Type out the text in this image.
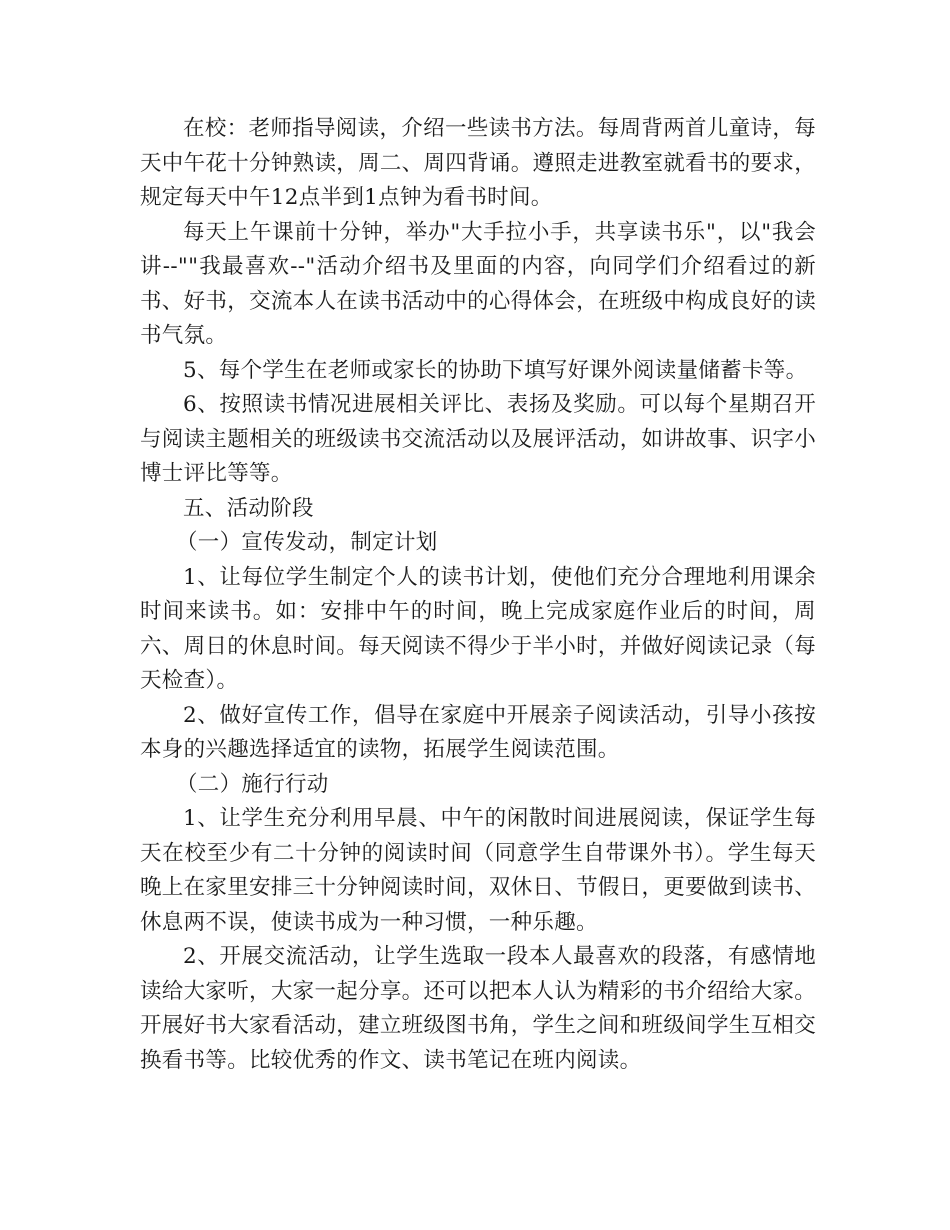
在校：老师指导阅读，介绍一些读书方法。每周背两首儿童诗，每天中午花十分钟熟读，周二、周四背诵。遵照走进教室就看书的要求，规定每天中午12点半到1点钟为看书时间。

每天上午课前十分钟，举办"大手拉小手，共享读书乐"，以"我会讲--""我最喜欢--"活动介绍书及里面的内容，向同学们介绍看过的新书、好书，交流本人在读书活动中的心得体会，在班级中构成良好的读书气氛。

5、每个学生在老师或家长的协助下填写好课外阅读量储蓄卡等。

6、按照读书情况进展相关评比、表扬及奖励。可以每个星期召开与阅读主题相关的班级读书交流活动以及展评活动，如讲故事、识字小博士评比等等。

五、活动阶段

（一）宣传发动，制定计划

1、让每位学生制定个人的读书计划，使他们充分合理地利用课余时间来读书。如：安排中午的时间，晚上完成家庭作业后的时间，周六、周日的休息时间。每天阅读不得少于半小时，并做好阅读记录（每天检查）。

2、做好宣传工作，倡导在家庭中开展亲子阅读活动，引导小孩按本身的兴趣选择适宜的读物，拓展学生阅读范围。

（二）施行行动

1、让学生充分利用早晨、中午的闲散时间进展阅读，保证学生每天在校至少有二十分钟的阅读时间（同意学生自带课外书）。学生每天晚上在家里安排三十分钟阅读时间，双休日、节假日，更要做到读书、休息两不误，使读书成为一种习惯，一种乐趣。

2、开展交流活动，让学生选取一段本人最喜欢的段落，有感情地读给大家听，大家一起分享。还可以把本人认为精彩的书介绍给大家。开展好书大家看活动，建立班级图书角，学生之间和班级间学生互相交换看书等。比较优秀的作文、读书笔记在班内阅读。
